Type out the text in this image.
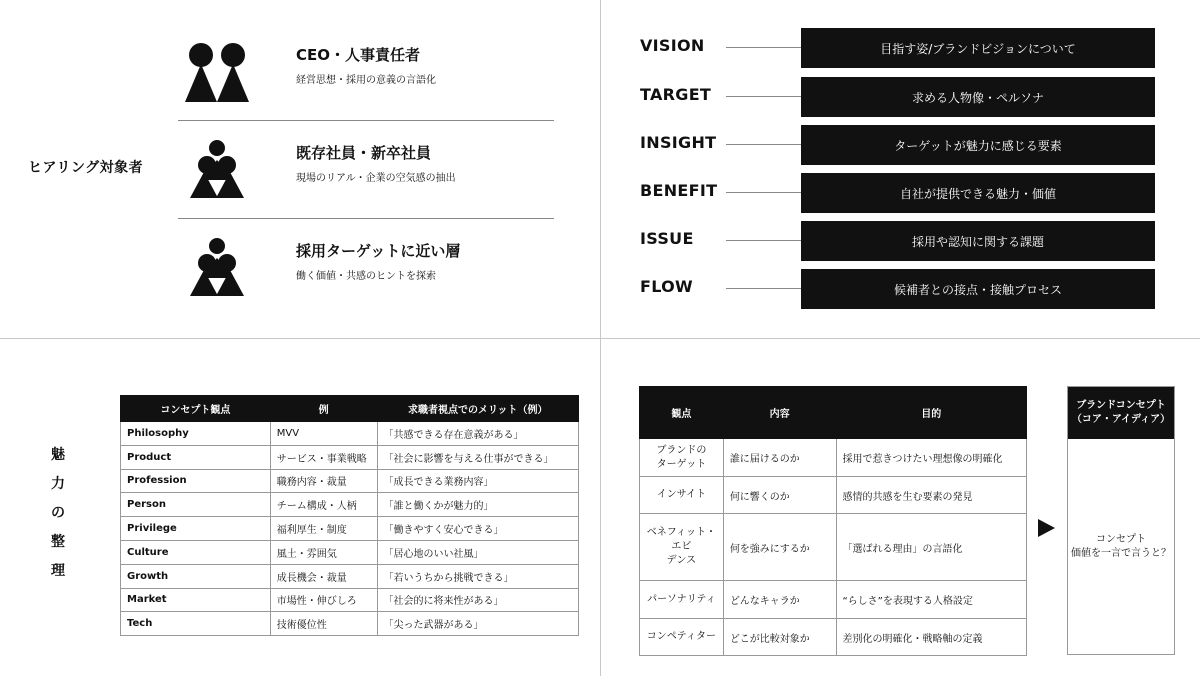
ヒアリング対象者
CEO・人事責任者
経営思想・採用の意義の言語化
既存社員・新卒社員
現場のリアル・企業の空気感の抽出
採用ターゲットに近い層
働く価値・共感のヒントを探索
VISION	目指す姿/ブランドビジョンについて
TARGET	求める人物像・ペルソナ
INSIGHT	ターゲットが魅力に感じる要素
BENEFIT	自社が提供できる魅力・価値
ISSUE	採用や認知に関する課題
FLOW	候補者との接点・接触プロセス
魅
力
の
整
理
コンセプト観点	例	求職者視点でのメリット（例）
Philosophy	MVV	「共感できる存在意義がある」
Product	サービス・事業戦略	「社会に影響を与える仕事ができる」
Profession	職務内容・裁量	「成長できる業務内容」
Person	チーム構成・人柄	「誰と働くかが魅力的」
Privilege	福利厚生・制度	「働きやすく安心できる」
Culture	風土・雰囲気	「居心地のいい社風」
Growth	成長機会・裁量	「若いうちから挑戦できる」
Market	市場性・伸びしろ	「社会的に将来性がある」
Tech	技術優位性	「尖った武器がある」
観点	内容	目的

ブランドの
ターゲット	誰に届けるのか	採用で惹きつけたい理想像の明確化

インサイト	何に響くのか	感情的共感を生む要素の発見

ベネフィット・エビ
デンス	何を強みにするか	「選ばれる理由」の言語化

パーソナリティ	どんなキャラか	“らしさ”を表現する人格設定

コンペティター	どこが比較対象か	差別化の明確化・戦略軸の定義
ブランドコンセプト
（コア・アイディア）
コンセプト
価値を一言で言うと？
